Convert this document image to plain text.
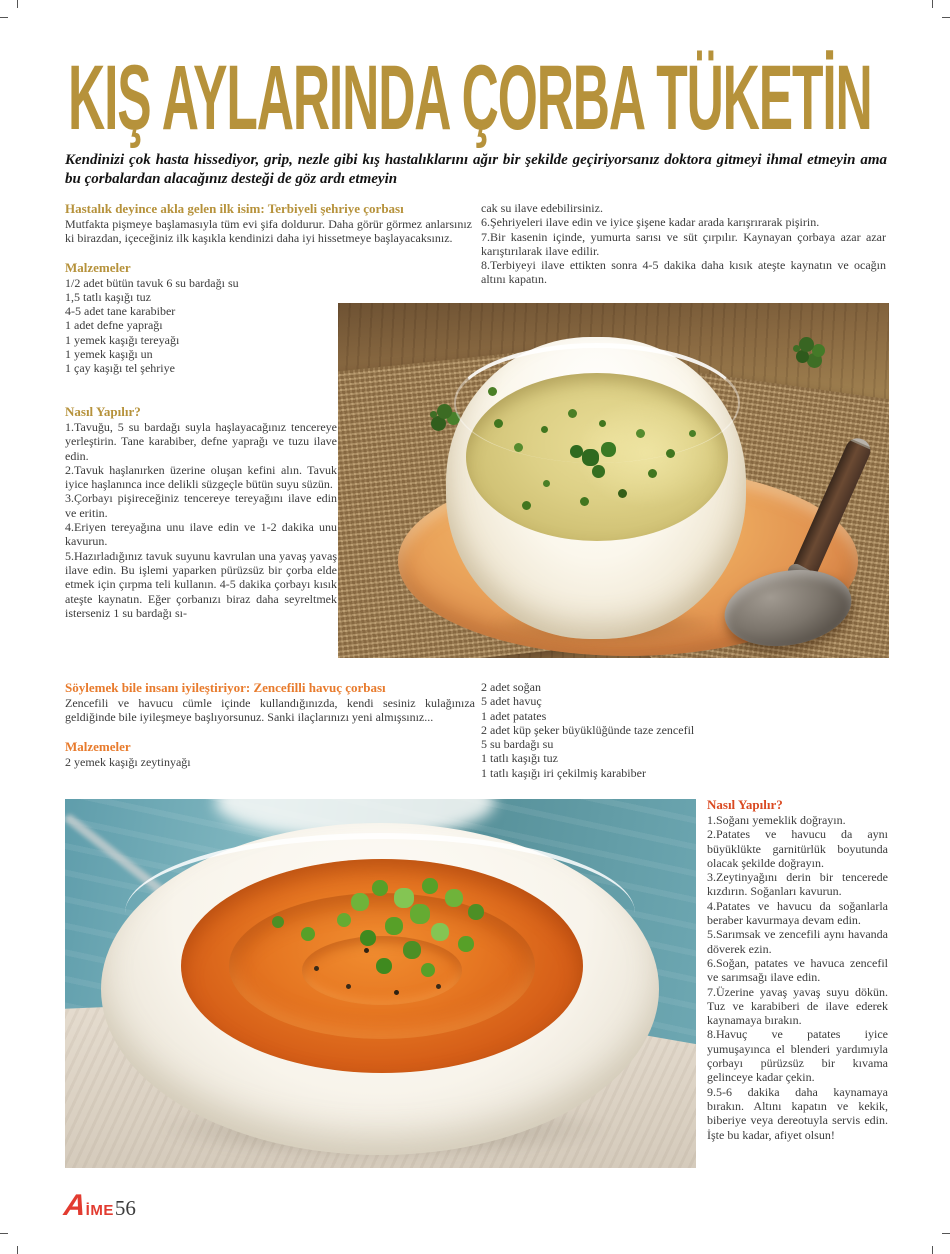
KIŞ AYLARINDA ÇORBA TÜKETİN
Kendinizi çok hasta hissediyor, grip, nezle gibi kış hastalıklarını ağır bir şekilde geçiriyorsanız doktora gitmeyi ihmal etmeyin ama bu çorbalardan alacağınız desteği de göz ardı etmeyin
Hastalık deyince akla gelen ilk isim: Terbiyeli şehriye çorbası

Mutfakta pişmeye başlamasıyla tüm evi şifa doldurur. Daha görür görmez anlarsınız ki birazdan, içeceğiniz ilk kaşıkla kendinizi daha iyi hissetmeye başlayacaksınız.

Malzemeler
1/2 adet bütün tavuk 6 su bardağı su
1,5 tatlı kaşığı tuz
4-5 adet tane karabiber
1 adet defne yaprağı
1 yemek kaşığı tereyağı
1 yemek kaşığı un
1 çay kaşığı tel şehriye

cak su ilave edebilirsiniz.

6.Şehriyeleri ilave edin ve iyice şişene kadar arada karışrırarak pişirin.

7.Bir kasenin içinde, yumurta sarısı ve süt çırpılır. Kaynayan çorbaya azar azar karıştırılarak ilave edilir.

8.Terbiyeyi ilave ettikten sonra 4-5 dakika daha kısık ateşte kaynatın ve ocağın altını kapatın.

Nasıl Yapılır?

1.Tavuğu, 5 su bardağı suyla haşlayacağınız tencereye yerleştirin. Tane karabiber, defne yaprağı ve tuzu ilave edin.

2.Tavuk haşlanırken üzerine oluşan kefini alın. Tavuk iyice haşlanınca ince delikli süzgeçle bütün suyu süzün.

3.Çorbayı pişireceğiniz tencereye tereyağını ilave edin ve eritin.

4.Eriyen tereyağına unu ilave edin ve 1-2 dakika unu kavurun.

5.Hazırladığınız tavuk suyunu kavrulan una yavaş yavaş ilave edin. Bu işlemi yaparken pürüzsüz bir çorba elde etmek için çırpma teli kullanın. 4-5 dakika çorbayı kısık ateşte kaynatın. Eğer çorbanızı biraz daha seyreltmek isterseniz 1 su bardağı sı-

Söylemek bile insanı iyileştiriyor: Zencefilli havuç çorbası

Zencefili ve havucu cümle içinde kullandığınızda, kendi sesiniz kulağınıza geldiğinde bile iyileşmeye başlıyorsunuz. Sanki ilaçlarınızı yeni almışsınız...

Malzemeler
2 yemek kaşığı zeytinyağı
2 adet soğan
5 adet havuç
1 adet patates
2 adet küp şeker büyüklüğünde taze zencefil
5 su bardağı su
1 tatlı kaşığı tuz
1 tatlı kaşığı iri çekilmiş karabiber
Nasıl Yapılır?

1.Soğanı yemeklik doğrayın.

2.Patates ve havucu da aynı büyüklükte garnitürlük boyutunda olacak şekilde doğrayın.

3.Zeytinyağını derin bir tencerede kızdırın. Soğanları kavurun.

4.Patates ve havucu da soğanlarla beraber kavurmaya devam edin.

5.Sarımsak ve zencefili aynı havanda döverek ezin.

6.Soğan, patates ve havuca zencefil ve sarımsağı ilave edin.

7.Üzerine yavaş yavaş suyu dökün. Tuz ve karabiberi de ilave ederek kaynamaya bırakın.

8.Havuç ve patates iyice yumuşayınca el blenderi yardımıyla çorbayı pürüzsüz bir kıvama gelinceye kadar çekin.

9.5-6 dakika daha kaynamaya bırakın. Altını kapatın ve kekik, biberiye veya dereotuyla servis edin. İşte bu kadar, afiyet olsun!

A
İME 56
